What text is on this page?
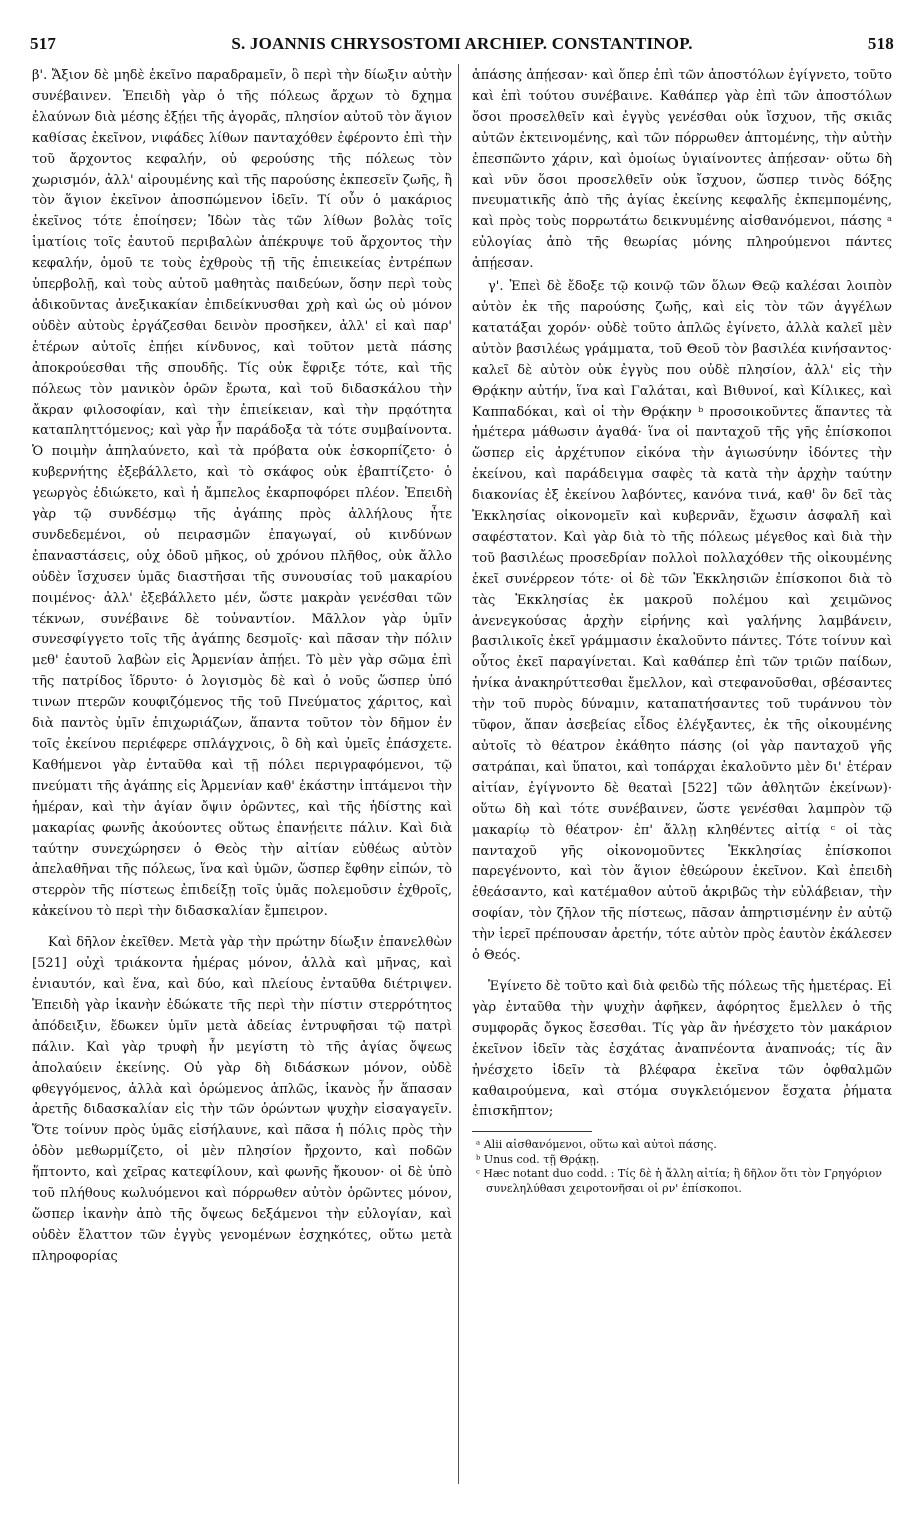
517	S. JOANNIS CHRYSOSTOMI ARCHIEP. CONSTANTINOP.	518

β'. Ἄξιον δὲ μηδὲ ἐκεῖνο παραδραμεῖν, ὃ περὶ τὴν δίωξιν αὐτὴν συνέβαινεν. Ἐπειδὴ γὰρ ὁ τῆς πόλεως ἄρχων τὸ δχημα ἐλαύνων διὰ μέσης ἐξῄει τῆς ἀγορᾶς, πλησίον αὐτοῦ τὸν ἅγιον καθίσας ἐκεῖνον, νιφάδες λίθων πανταχόθεν ἐφέροντο ἐπὶ τὴν τοῦ ἄρχοντος κεφαλήν, οὐ φερούσης τῆς πόλεως τὸν χωρισμόν, ἀλλ' αἱρουμένης καὶ τῆς παρούσης ἐκπεσεῖν ζωῆς, ἢ τὸν ἅγιον ἐκεῖνον ἀποσπώμενον ἰδεῖν. Τί οὖν ὁ μακάριος ἐκεῖνος τότε ἐποίησεν; Ἰδὼν τὰς τῶν λίθων βολὰς τοῖς ἱματίοις τοῖς ἑαυτοῦ περιβαλὼν ἀπέκρυψε τοῦ ἄρχοντος τὴν κεφαλήν, ὁμοῦ τε τοὺς ἐχθροὺς τῇ τῆς ἐπιεικείας ἐντρέπων ὑπερβολῇ, καὶ τοὺς αὐτοῦ μαθητὰς παιδεύων, ὅσην περὶ τοὺς ἀδικοῦντας ἀνεξικακίαν ἐπιδείκνυσθαι χρὴ καὶ ὡς οὐ μόνον οὐδὲν αὐτοὺς ἐργάζεσθαι δεινὸν προσῆκεν, ἀλλ' εἰ καὶ παρ' ἑτέρων αὐτοῖς ἐπῄει κίνδυνος, καὶ τοῦτον μετὰ πάσης ἀποκρούεσθαι τῆς σπουδῆς. Τίς οὐκ ἔφριξε τότε, καὶ τῆς πόλεως τὸν μανικὸν ὁρῶν ἔρωτα, καὶ τοῦ διδασκάλου τὴν ἄκραν φιλοσοφίαν, καὶ τὴν ἐπιείκειαν, καὶ τὴν πρᾳότητα καταπληττόμενος; καὶ γὰρ ἦν παράδοξα τὰ τότε συμβαίνοντα. Ὁ ποιμὴν ἀπηλαύνετο, καὶ τὰ πρόβατα οὐκ ἐσκορπίζετο· ὁ κυβερνήτης ἐξεβάλλετο, καὶ τὸ σκάφος οὐκ ἐβαπτίζετο· ὁ γεωργὸς ἐδιώκετο, καὶ ἡ ἄμπελος ἐκαρποφόρει πλέον. Ἐπειδὴ γὰρ τῷ συνδέσμῳ τῆς ἀγάπης πρὸς ἀλλήλους ἦτε συνδεδεμένοι, οὐ πειρασμῶν ἐπαγωγαί, οὐ κινδύνων ἐπαναστάσεις, οὐχ ὁδοῦ μῆκος, οὐ χρόνου πλῆθος, οὐκ ἄλλο οὐδὲν ἴσχυσεν ὑμᾶς διαστῆσαι τῆς συνουσίας τοῦ μακαρίου ποιμένος· ἀλλ' ἐξεβάλλετο μέν, ὥστε μακρὰν γενέσθαι τῶν τέκνων, συνέβαινε δὲ τοὐναντίον. Μᾶλλον γὰρ ὑμῖν συνεσφίγγετο τοῖς τῆς ἀγάπης δεσμοῖς· καὶ πᾶσαν τὴν πόλιν μεθ' ἑαυτοῦ λαβὼν εἰς Ἀρμενίαν ἀπῄει. Τὸ μὲν γὰρ σῶμα ἐπὶ τῆς πατρίδος ἵδρυτο· ὁ λογισμὸς δὲ καὶ ὁ νοῦς ὥσπερ ὑπό τινων πτερῶν κουφιζόμενος τῆς τοῦ Πνεύματος χάριτος, καὶ διὰ παντὸς ὑμῖν ἐπιχωριάζων, ἅπαντα τοῦτον τὸν δῆμον ἐν τοῖς ἐκείνου περιέφερε σπλάγχνοις, ὃ δὴ καὶ ὑμεῖς ἐπάσχετε. Καθήμενοι γὰρ ἐνταῦθα καὶ τῇ πόλει περιγραφόμενοι, τῷ πνεύματι τῆς ἀγάπης εἰς Ἀρμενίαν καθ' ἑκάστην ἱπτάμενοι τὴν ἡμέραν, καὶ τὴν ἁγίαν ὄψιν ὁρῶντες, καὶ τῆς ἡδίστης καὶ μακαρίας φωνῆς ἀκούοντες οὕτως ἐπανῄειτε πάλιν. Καὶ διὰ ταύτην συνεχώρησεν ὁ Θεὸς τὴν αἰτίαν εὐθέως αὐτὸν ἀπελαθῆναι τῆς πόλεως, ἵνα καὶ ὑμῶν, ὥσπερ ἔφθην εἰπών, τὸ στερρὸν τῆς πίστεως ἐπιδείξῃ τοῖς ὑμᾶς πολεμοῦσιν ἐχθροῖς, κἀκείνου τὸ περὶ τὴν διδασκαλίαν ἔμπειρον.

Καὶ δῆλον ἐκεῖθεν. Μετὰ γὰρ τὴν πρώτην δίωξιν ἐπανελθὼν [521] οὐχὶ τριάκοντα ἡμέρας μόνον, ἀλλὰ καὶ μῆνας, καὶ ἐνιαυτόν, καὶ ἕνα, καὶ δύο, καὶ πλείους ἐνταῦθα διέτριψεν. Ἐπειδὴ γὰρ ἱκανὴν ἐδώκατε τῆς περὶ τὴν πίστιν στερρότητος ἀπόδειξιν, ἔδωκεν ὑμῖν μετὰ ἀδείας ἐντρυφῆσαι τῷ πατρὶ πάλιν. Καὶ γὰρ τρυφὴ ἦν μεγίστη τὸ τῆς ἁγίας ὄψεως ἀπολαύειν ἐκείνης. Οὐ γὰρ δὴ διδάσκων μόνον, οὐδὲ φθεγγόμενος, ἀλλὰ καὶ ὁρώμενος ἁπλῶς, ἱκανὸς ἦν ἅπασαν ἀρετῆς διδασκαλίαν εἰς τὴν τῶν ὁρώντων ψυχὴν εἰσαγαγεῖν. Ὅτε τοίνυν πρὸς ὑμᾶς εἰσήλαυνε, καὶ πᾶσα ἡ πόλις πρὸς τὴν ὁδὸν μεθωρμίζετο, οἱ μὲν πλησίον ἤρχοντο, καὶ ποδῶν ἥπτοντο, καὶ χεῖρας κατεφίλουν, καὶ φωνῆς ἤκουον· οἱ δὲ ὑπὸ τοῦ πλήθους κωλυόμενοι καὶ πόρρωθεν αὐτὸν ὁρῶντες μόνον, ὥσπερ ἱκανὴν ἀπὸ τῆς ὄψεως δεξάμενοι τὴν εὐλογίαν, καὶ οὐδὲν ἔλαττον τῶν ἐγγὺς γενομένων ἐσχηκότες, οὕτω μετὰ πληροφορίας

ἁπάσης ἀπῄεσαν· καὶ ὅπερ ἐπὶ τῶν ἀποστόλων ἐγίγνετο, τοῦτο καὶ ἐπὶ τούτου συνέβαινε. Καθάπερ γὰρ ἐπὶ τῶν ἀποστόλων ὅσοι προσελθεῖν καὶ ἐγγὺς γενέσθαι οὐκ ἴσχυον, τῆς σκιᾶς αὐτῶν ἐκτεινομένης, καὶ τῶν πόρρωθεν ἁπτομένης, τὴν αὐτὴν ἐπεσπῶντο χάριν, καὶ ὁμοίως ὑγιαίνοντες ἀπῄεσαν· οὕτω δὴ καὶ νῦν ὅσοι προσελθεῖν οὐκ ἴσχυον, ὥσπερ τινὸς δόξης πνευματικῆς ἀπὸ τῆς ἁγίας ἐκείνης κεφαλῆς ἐκπεμπομένης, καὶ πρὸς τοὺς πορρωτάτω δεικνυμένης αἰσθανόμενοι, πάσης ᵃ εὐλογίας ἀπὸ τῆς θεωρίας μόνης πληρούμενοι πάντες ἀπῄεσαν.

γ'. Ἐπεὶ δὲ ἔδοξε τῷ κοινῷ τῶν ὅλων Θεῷ καλέσαι λοιπὸν αὐτὸν ἐκ τῆς παρούσης ζωῆς, καὶ εἰς τὸν τῶν ἀγγέλων κατατάξαι χορόν· οὐδὲ τοῦτο ἁπλῶς ἐγίνετο, ἀλλὰ καλεῖ μὲν αὐτὸν βασιλέως γράμματα, τοῦ Θεοῦ τὸν βασιλέα κινήσαντος· καλεῖ δὲ αὐτὸν οὐκ ἐγγὺς που οὐδὲ πλησίον, ἀλλ' εἰς τὴν Θρᾴκην αὐτήν, ἵνα καὶ Γαλάται, καὶ Βιθυνοί, καὶ Κίλικες, καὶ Καππαδόκαι, καὶ οἱ τὴν Θρᾴκην ᵇ προσοικοῦντες ἅπαντες τὰ ἡμέτερα μάθωσιν ἀγαθά· ἵνα οἱ πανταχοῦ τῆς γῆς ἐπίσκοποι ὥσπερ εἰς ἀρχέτυπον εἰκόνα τὴν ἁγιωσύνην ἰδόντες τὴν ἐκείνου, καὶ παράδειγμα σαφὲς τὰ κατὰ τὴν ἀρχὴν ταύτην διακονίας ἐξ ἐκείνου λαβόντες, κανόνα τινά, καθ' ὃν δεῖ τὰς Ἐκκλησίας οἰκονομεῖν καὶ κυβερνᾶν, ἔχωσιν ἀσφαλῆ καὶ σαφέστατον. Καὶ γὰρ διὰ τὸ τῆς πόλεως μέγεθος καὶ διὰ τὴν τοῦ βασιλέως προσεδρίαν πολλοὶ πολλαχόθεν τῆς οἰκουμένης ἐκεῖ συνέρρεον τότε· οἱ δὲ τῶν Ἐκκλησιῶν ἐπίσκοποι διὰ τὸ τὰς Ἐκκλησίας ἐκ μακροῦ πολέμου καὶ χειμῶνος ἀνενεγκούσας ἀρχὴν εἰρήνης καὶ γαλήνης λαμβάνειν, βασιλικοῖς ἐκεῖ γράμμασιν ἐκαλοῦντο πάντες. Τότε τοίνυν καὶ οὗτος ἐκεῖ παραγίνεται. Καὶ καθάπερ ἐπὶ τῶν τριῶν παίδων, ἡνίκα ἀνακηρύττεσθαι ἔμελλον, καὶ στεφανοῦσθαι, σβέσαντες τὴν τοῦ πυρὸς δύναμιν, καταπατήσαντες τοῦ τυράννου τὸν τῦφον, ἅπαν ἀσεβείας εἶδος ἐλέγξαντες, ἐκ τῆς οἰκουμένης αὐτοῖς τὸ θέατρον ἐκάθητο πάσης (οἱ γὰρ πανταχοῦ γῆς σατράπαι, καὶ ὕπατοι, καὶ τοπάρχαι ἐκαλοῦντο μὲν δι' ἑτέραν αἰτίαν, ἐγίγνοντο δὲ θεαταὶ [522] τῶν ἀθλητῶν ἐκείνων)· οὕτω δὴ καὶ τότε συνέβαινεν, ὥστε γενέσθαι λαμπρὸν τῷ μακαρίῳ τὸ θέατρον· ἐπ' ἄλλῃ κληθέντες αἰτίᾳ ᶜ οἱ τὰς πανταχοῦ γῆς οἰκονομοῦντες Ἐκκλησίας ἐπίσκοποι παρεγένοντο, καὶ τὸν ἅγιον ἐθεώρουν ἐκεῖνον. Καὶ ἐπειδὴ ἐθεάσαντο, καὶ κατέμαθον αὐτοῦ ἀκριβῶς τὴν εὐλάβειαν, τὴν σοφίαν, τὸν ζῆλον τῆς πίστεως, πᾶσαν ἀπηρτισμένην ἐν αὐτῷ τὴν ἱερεῖ πρέπουσαν ἀρετήν, τότε αὐτὸν πρὸς ἑαυτὸν ἐκάλεσεν ὁ Θεός.

Ἐγίνετο δὲ τοῦτο καὶ διὰ φειδὼ τῆς πόλεως τῆς ἡμετέρας. Εἰ γὰρ ἐνταῦθα τὴν ψυχὴν ἀφῆκεν, ἀφόρητος ἔμελλεν ὁ τῆς συμφορᾶς ὄγκος ἔσεσθαι. Τίς γὰρ ἂν ἠνέσχετο τὸν μακάριον ἐκεῖνον ἰδεῖν τὰς ἐσχάτας ἀναπνέοντα ἀναπνοάς; τίς ἂν ἠνέσχετο ἰδεῖν τὰ βλέφαρα ἐκεῖνα τῶν ὀφθαλμῶν καθαιρούμενα, καὶ στόμα συγκλειόμενον ἔσχατα ῥήματα ἐπισκῆπτον;

ᵃ Alii αἰσθανόμενοι, οὕτω καὶ αὐτοὶ πάσης.
ᵇ Unus cod. τῇ Θρᾴκῃ.
ᶜ Hæc notant duo codd. : Τίς δὲ ἡ ἄλλη αἰτία; ἢ δῆλον ὅτι τὸν Γρηγόριον συνεληλύθασι χειροτονῆσαι οἱ ρν' ἐπίσκοποι.
